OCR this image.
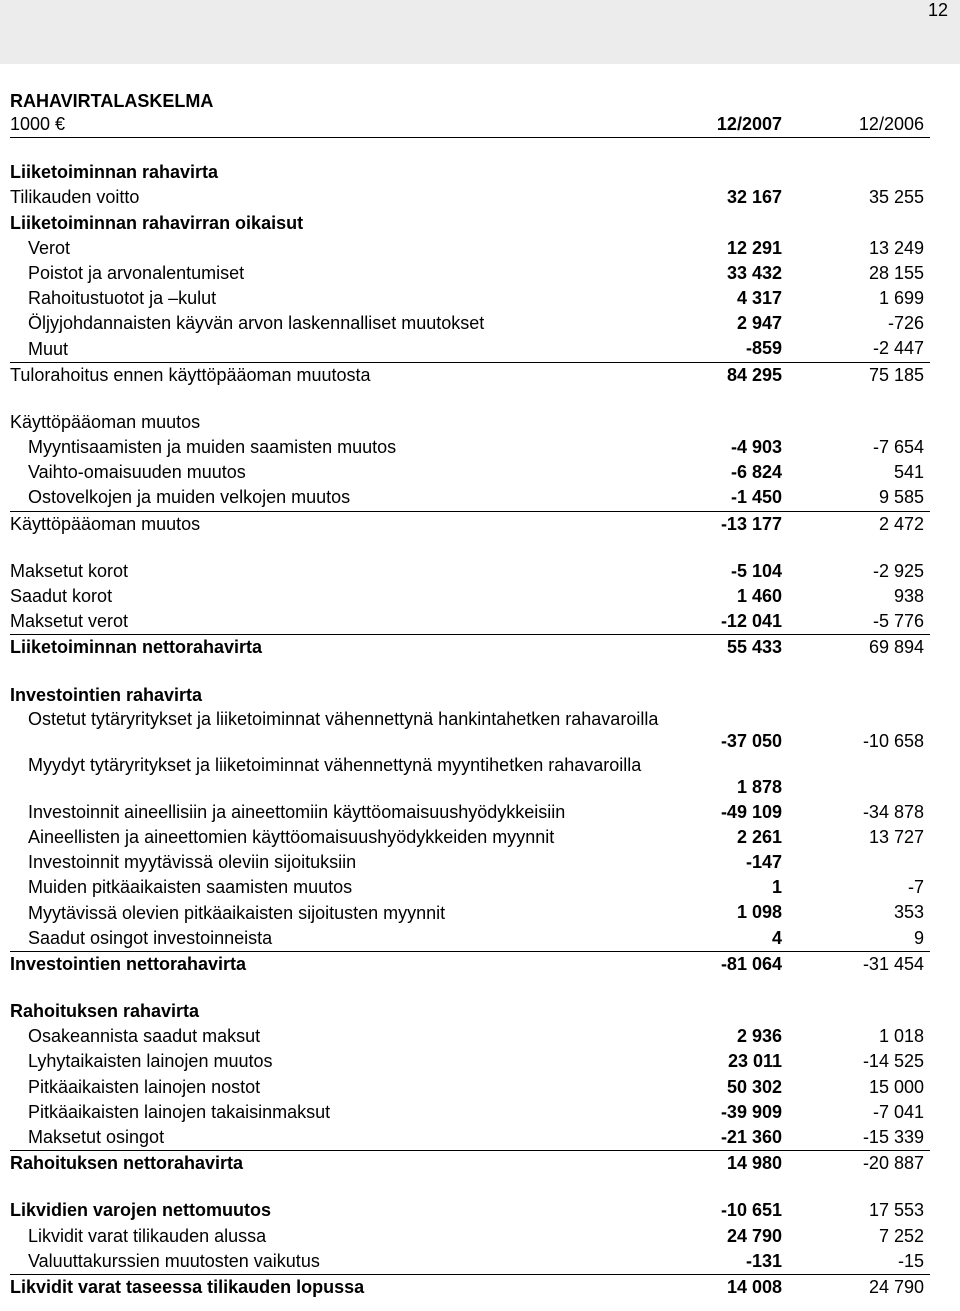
12
RAHAVIRTALASKELMA
1000 €	12/2007	12/2006
Liiketoiminnan rahavirta
Tilikauden voitto	32 167	35 255
Liiketoiminnan rahavirran oikaisut
Verot	12 291	13 249
Poistot ja arvonalentumiset	33 432	28 155
Rahoitustuotot ja –kulut	4 317	1 699
Öljyjohdannaisten käyvän arvon laskennalliset muutokset	2 947	-726
Muut	-859	-2 447
Tulorahoitus ennen käyttöpääoman muutosta	84 295	75 185
Käyttöpääoman muutos
Myyntisaamisten ja muiden saamisten muutos	-4 903	-7 654
Vaihto-omaisuuden muutos	-6 824	541
Ostovelkojen ja muiden velkojen muutos	-1 450	9 585
Käyttöpääoman muutos	-13 177	2 472
Maksetut korot	-5 104	-2 925
Saadut korot	1 460	938
Maksetut verot	-12 041	-5 776
Liiketoiminnan nettorahavirta	55 433	69 894
Investointien rahavirta
Ostetut tytäryritykset ja liiketoiminnat vähennettynä hankintahetken rahavaroilla
-37 050	-10 658
Myydyt tytäryritykset ja liiketoiminnat vähennettynä myyntihetken rahavaroilla
1 878
Investoinnit aineellisiin ja aineettomiin käyttöomaisuushyödykkeisiin	-49 109	-34 878
Aineellisten ja aineettomien käyttöomaisuushyödykkeiden myynnit	2 261	13 727
Investoinnit myytävissä oleviin sijoituksiin	-147
Muiden pitkäaikaisten saamisten muutos	1	-7
Myytävissä olevien pitkäaikaisten sijoitusten myynnit	1 098	353
Saadut osingot investoinneista	4	9
Investointien nettorahavirta	-81 064	-31 454
Rahoituksen rahavirta
Osakeannista saadut maksut	2 936	1 018
Lyhytaikaisten lainojen muutos	23 011	-14 525
Pitkäaikaisten lainojen nostot	50 302	15 000
Pitkäaikaisten lainojen takaisinmaksut	-39 909	-7 041
Maksetut osingot	-21 360	-15 339
Rahoituksen nettorahavirta	14 980	-20 887
Likvidien varojen nettomuutos	-10 651	17 553
Likvidit varat tilikauden alussa	24 790	7 252
Valuuttakurssien muutosten vaikutus	-131	-15
Likvidit varat taseessa tilikauden lopussa	14 008	24 790
